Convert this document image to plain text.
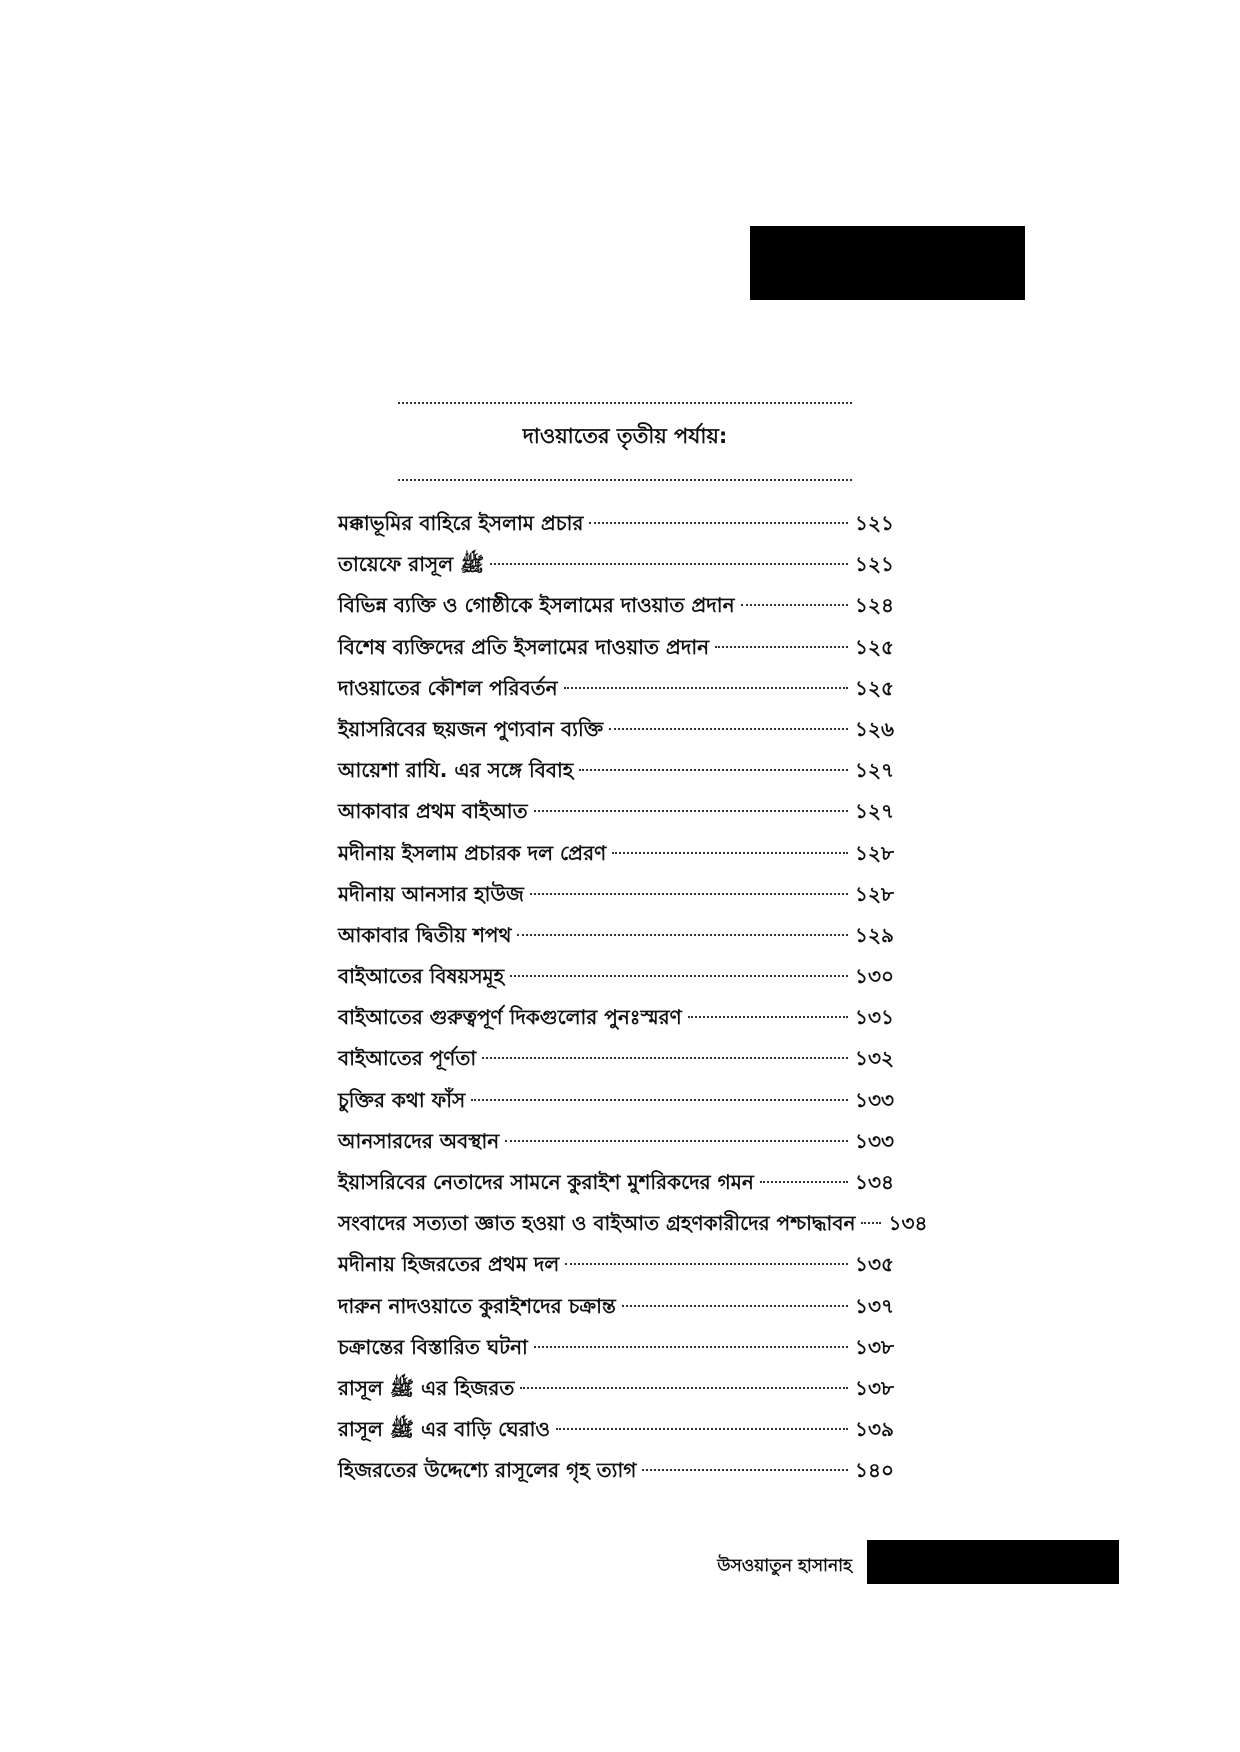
দাওয়াতের তৃতীয় পর্যায়:
মক্কাভূমির বাহিরে ইসলাম প্রচার	১২১
তায়েফে রাসূল ﷺ	১২১
বিভিন্ন ব্যক্তি ও গোষ্ঠীকে ইসলামের দাওয়াত প্রদান	১২৪
বিশেষ ব্যক্তিদের প্রতি ইসলামের দাওয়াত প্রদান	১২৫
দাওয়াতের কৌশল পরিবর্তন	১২৫
ইয়াসরিবের ছয়জন পুণ্যবান ব্যক্তি	১২৬
আয়েশা রাযি. এর সঙ্গে বিবাহ	১২৭
আকাবার প্রথম বাইআত	১২৭
মদীনায় ইসলাম প্রচারক দল প্রেরণ	১২৮
মদীনায় আনসার হাউজ	১২৮
আকাবার দ্বিতীয় শপথ	১২৯
বাইআতের বিষয়সমূহ	১৩০
বাইআতের গুরুত্বপূর্ণ দিকগুলোর পুনঃস্মরণ	১৩১
বাইআতের পূর্ণতা	১৩২
চুক্তির কথা ফাঁস	১৩৩
আনসারদের অবস্থান	১৩৩
ইয়াসরিবের নেতাদের সামনে কুরাইশ মুশরিকদের গমন	১৩৪
সংবাদের সত্যতা জ্ঞাত হওয়া ও বাইআত গ্রহণকারীদের পশ্চাদ্ধাবন ১৩৪
মদীনায় হিজরতের প্রথম দল	১৩৫
দারুন নাদওয়াতে কুরাইশদের চক্রান্ত	১৩৭
চক্রান্তের বিস্তারিত ঘটনা	১৩৮
রাসূল ﷺ এর হিজরত	১৩৮
রাসূল ﷺ এর বাড়ি ঘেরাও	১৩৯
হিজরতের উদ্দেশ্যে রাসূলের গৃহ ত্যাগ	১৪০

উসওয়াতুন হাসানাহ
